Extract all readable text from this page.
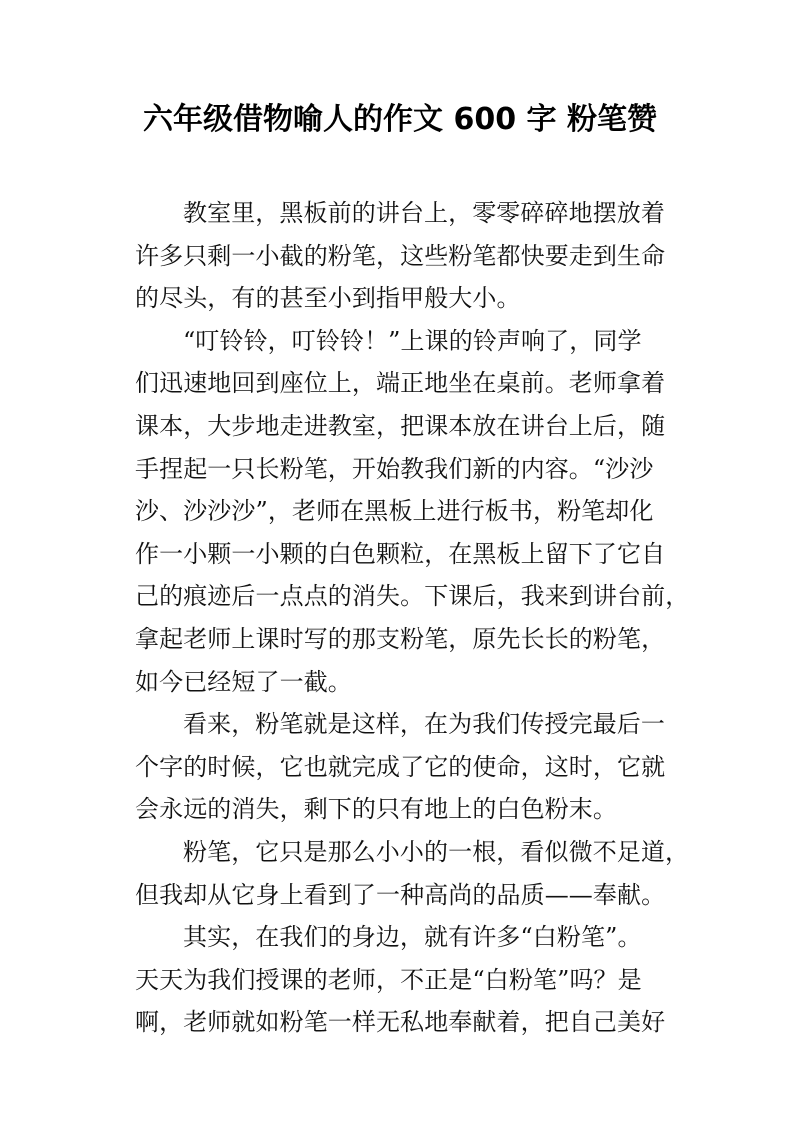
六年级借物喻人的作文 600 字 粉笔赞
教室里，黑板前的讲台上，零零碎碎地摆放着
许多只剩一小截的粉笔，这些粉笔都快要走到生命
的尽头，有的甚至小到指甲般大小。
“叮铃铃，叮铃铃！”上课的铃声响了，同学
们迅速地回到座位上，端正地坐在桌前。老师拿着
课本，大步地走进教室，把课本放在讲台上后，随
手捏起一只长粉笔，开始教我们新的内容。“沙沙
沙、沙沙沙”，老师在黑板上进行板书，粉笔却化
作一小颗一小颗的白色颗粒，在黑板上留下了它自
己的痕迹后一点点的消失。下课后，我来到讲台前，
拿起老师上课时写的那支粉笔，原先长长的粉笔，
如今已经短了一截。
看来，粉笔就是这样，在为我们传授完最后一
个字的时候，它也就完成了它的使命，这时，它就
会永远的消失，剩下的只有地上的白色粉末。
粉笔，它只是那么小小的一根，看似微不足道，
但我却从它身上看到了一种高尚的品质——奉献。
其实，在我们的身边，就有许多“白粉笔”。
天天为我们授课的老师，不正是“白粉笔”吗？是
啊，老师就如粉笔一样无私地奉献着，把自己美好
